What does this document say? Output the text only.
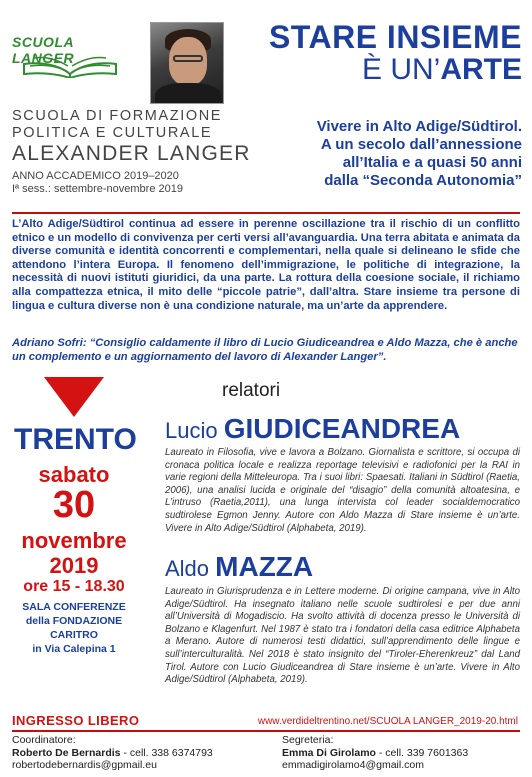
SCUOLA LANGER
SCUOLA DI FORMAZIONE
POLITICA E CULTURALE
ALEXANDER LANGER
ANNO ACCADEMICO 2019–2020
Iª sess.: settembre-novembre 2019
STARE INSIEME
È UN’ARTE
Vivere in Alto Adige/Südtirol.
A un secolo dall’annessione
all’Italia e a quasi 50 anni
dalla “Seconda Autonomia”

L’Alto Adige/Südtirol continua ad essere in perenne oscillazione tra il rischio di un conflitto etnico e un modello di convivenza per certi versi all’avanguardia. Una terra abitata e animata da diverse comunità e identità concorrenti e complementari, nella quale si delineano le sfide che attendono l’intera Europa. Il fenomeno dell’immigrazione, le politiche di integrazione, la necessità di nuovi istituti giuridici, da una parte. La rottura della coesione sociale, il richiamo alla compattezza etnica, il mito delle “piccole patrie”, dall’altra. Stare insieme tra persone di lingua e cultura diverse non è una condizione naturale, ma un’arte da apprendere.

Adriano Sofri: “Consiglio caldamente il libro di Lucio Giudiceandrea e Aldo Mazza, che è anche un complemento e un aggiornamento del lavoro di Alexander Langer”.

TRENTO
sabato
30
novembre
2019
ore 15 - 18.30
SALA CONFERENZE
della FONDAZIONE
CARITRO
in Via Calepina 1
relatori
Lucio GIUDICEANDREA

Laureato in Filosofia, vive e lavora a Bolzano. Giornalista e scrittore, si occupa di cronaca politica locale e realizza reportage televisivi e radiofonici per la RAI in varie regioni della Mitteleuropa. Tra i suoi libri: Spaesati. Italiani in Südtirol (Raetia, 2006), una analisi lucida e originale del “disagio” della comunità altoatesina, e L’intruso (Raetia,2011), una lunga intervista col leader socialdemocratico sudtirolese Egmon Jenny. Autore con Aldo Mazza di Stare insieme è un’arte. Vivere in Alto Adige/Südtirol (Alphabeta, 2019).

Aldo MAZZA

Laureato in Giurisprudenza e in Lettere moderne. Di origine campana, vive in Alto Adige/Südtirol. Ha insegnato italiano nelle scuole sudtirolesi e per due anni all’Università di Mogadiscio. Ha svolto attività di docenza presso le Università di Bolzano e Klagenfurt. Nel 1987 è stato tra i fondatori della casa editrice Alphabeta a Merano. Autore di numerosi testi didattici, sull’apprendimento delle lingue e sull’interculturalità. Nel 2018 è stato insignito del “Tiroler-Eherenkreuz” dal Land Tirol. Autore con Lucio Giudiceandrea di Stare insieme è un’arte. Vivere in Alto Adige/Südtirol (Alphabeta, 2019).

INGRESSO LIBERO	www.verdideltrentino.net/SCUOLA LANGER_2019-20.html
Coordinatore:
Roberto De Bernardis - cell. 338 6374793
robertodebernardis@gpmail.eu
Segreteria:
Emma Di Girolamo - cell. 339 7601363
emmadigirolamo4@gmail.com
